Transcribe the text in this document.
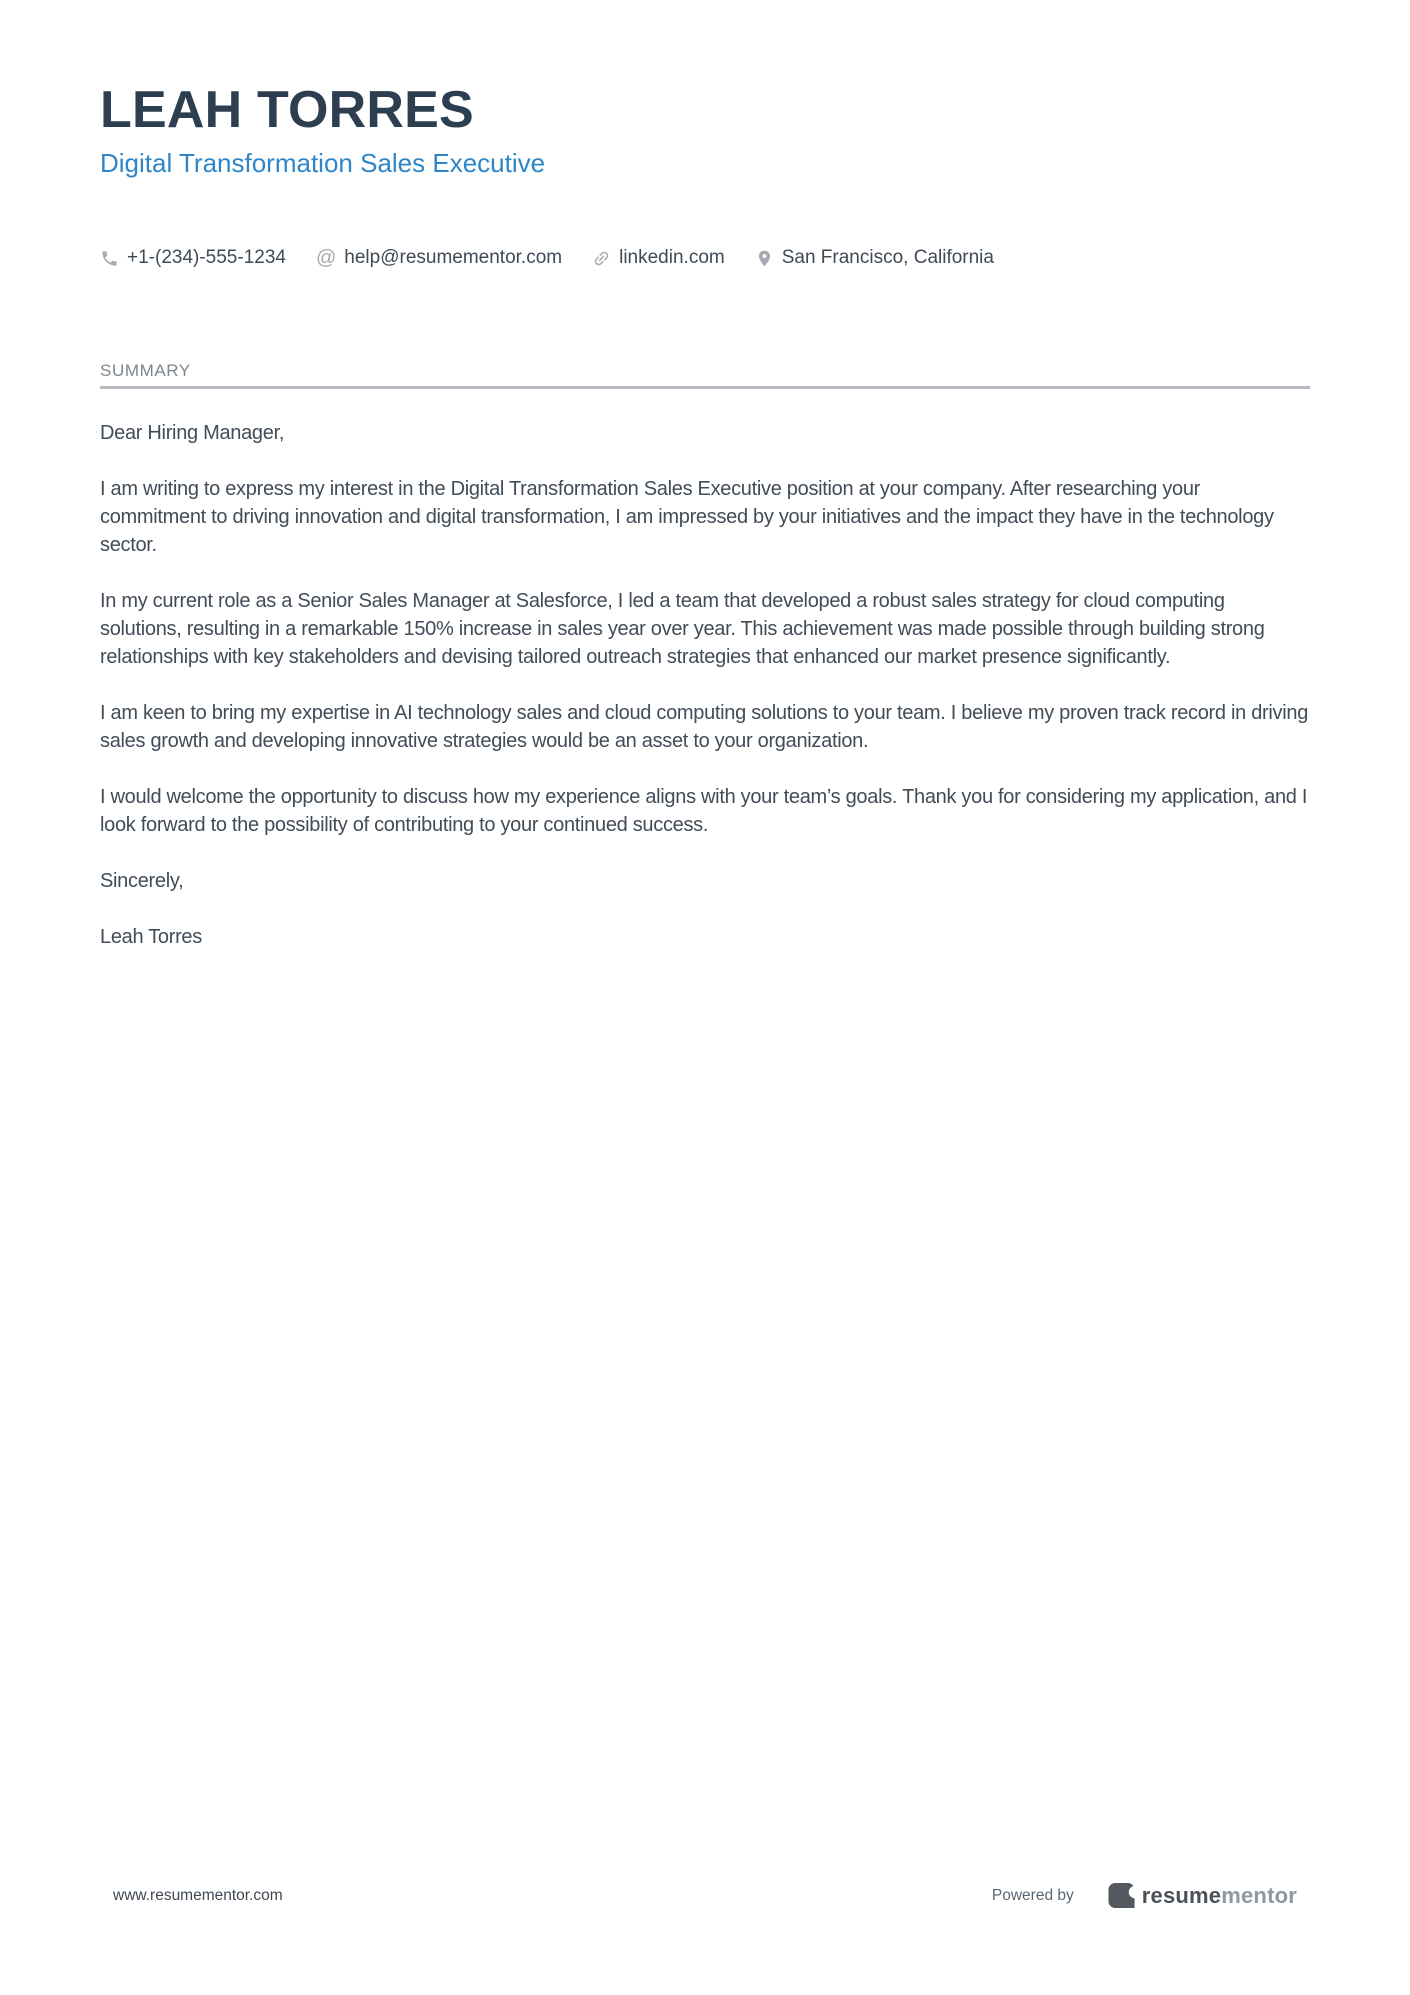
LEAH TORRES
Digital Transformation Sales Executive
+1-(234)-555-1234 @ help@resumementor.com	linkedin.com	San Francisco, California
SUMMARY

Dear Hiring Manager,

I am writing to express my interest in the Digital Transformation Sales Executive position at your company. After researching your commitment to driving innovation and digital transformation, I am impressed by your initiatives and the impact they have in the technology sector.

In my current role as a Senior Sales Manager at Salesforce, I led a team that developed a robust sales strategy for cloud computing solutions, resulting in a remarkable 150% increase in sales year over year. This achievement was made possible through building strong relationships with key stakeholders and devising tailored outreach strategies that enhanced our market presence significantly.

I am keen to bring my expertise in AI technology sales and cloud computing solutions to your team. I believe my proven track record in driving sales growth and developing innovative strategies would be an asset to your organization.

I would welcome the opportunity to discuss how my experience aligns with your team’s goals. Thank you for considering my application, and I look forward to the possibility of contributing to your continued success.

Sincerely,

Leah Torres

www.resumementor.com	Powered by	resumementor
